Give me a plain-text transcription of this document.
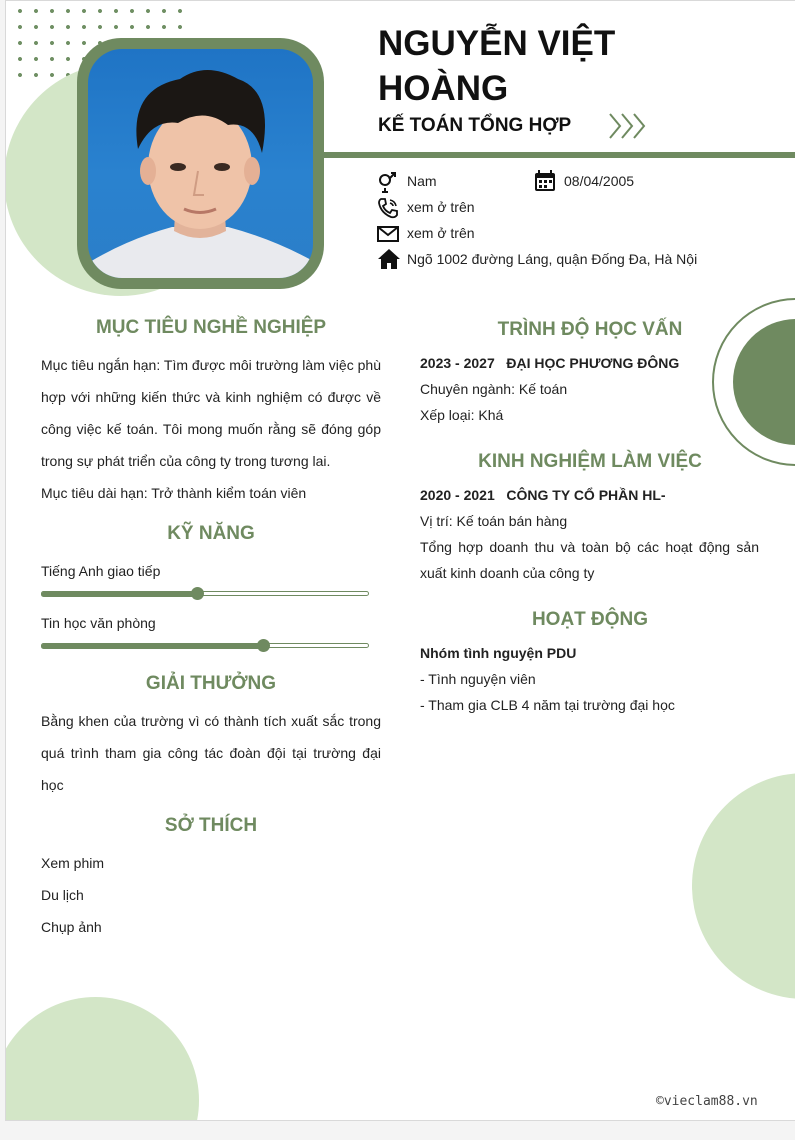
NGUYỄN VIỆT
HOÀNG
KẾ TOÁN TỔNG HỢP
Nam	08/04/2005
xem ở trên
xem ở trên
Ngõ 1002 đường Láng, quận Đống Đa, Hà Nội
MỤC TIÊU NGHỀ NGHIỆP
Mục tiêu ngắn hạn: Tìm được môi trường làm việc phù hợp với những kiến thức và kinh nghiệm có được về công việc kế toán. Tôi mong muốn rằng sẽ đóng góp trong sự phát triển của công ty trong tương lai.
Mục tiêu dài hạn: Trở thành kiểm toán viên
KỸ NĂNG
Tiếng Anh giao tiếp
Tin học văn phòng
GIẢI THƯỞNG
Bằng khen của trường vì có thành tích xuất sắc trong quá trình tham gia công tác đoàn đội tại trường đại học
SỞ THÍCH
Xem phim
Du lịch
Chụp ảnh
TRÌNH ĐỘ HỌC VẤN
2023 - 2027 ĐẠI HỌC PHƯƠNG ĐÔNG
Chuyên ngành: Kế toán
Xếp loại: Khá
KINH NGHIỆM LÀM VIỆC
2020 - 2021 CÔNG TY CỔ PHẦN HL-
Vị trí: Kế toán bán hàng
Tổng hợp doanh thu và toàn bộ các hoạt động sản xuất kinh doanh của công ty
HOẠT ĐỘNG
Nhóm tình nguyện PDU
- Tình nguyện viên
- Tham gia CLB 4 năm tại trường đại học
©vieclam88.vn
